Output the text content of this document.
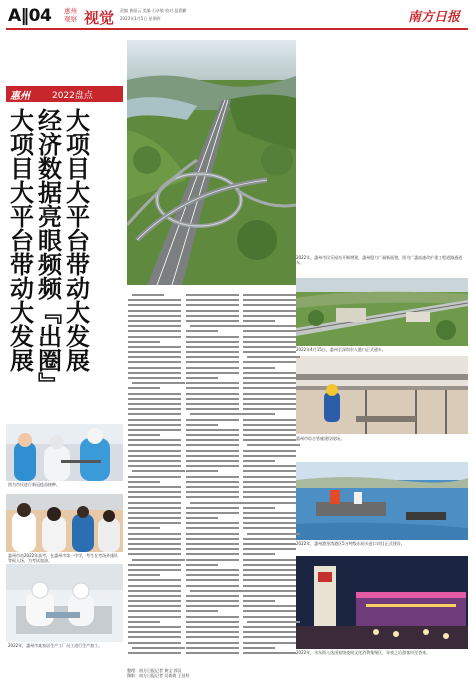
A‖04 惠州观察 视觉 责编 黄丽云 美编 石卓敏 校对 温恩麒
2023年1月5日 星期四	南方日报
惠州 2022盘点
大项目大平台带动大发展 经济数据亮眼频频『出圈』 大项目大平台带动大发展
图为市民进行新冠疫苗接种。
惠州市站2022年高考，在惠州市第一中学，考生在考场外排队等候入场，为考试加油。
2022年，惠州市某家居生产工厂员工进行生产加工。
2022年，惠州市民乐屋站开断增建，惠州稳力广福新面貌，图为广惠高速改扩建工程道路通道车。
2022年4月15日，惠州至深圳东入港口正式通车。
惠州市综合管廊建设现场。
2022年，惠州港荃湾港区5万吨级东码头进口项目正式建设。
2022年，水东街入选国家级夜间文化消费集聚区，年夜之后游客纷至沓来。
整理：南方日报记者 黄宝 郭汉
摄影：南方日报记者 吴倩倩 王昌科
